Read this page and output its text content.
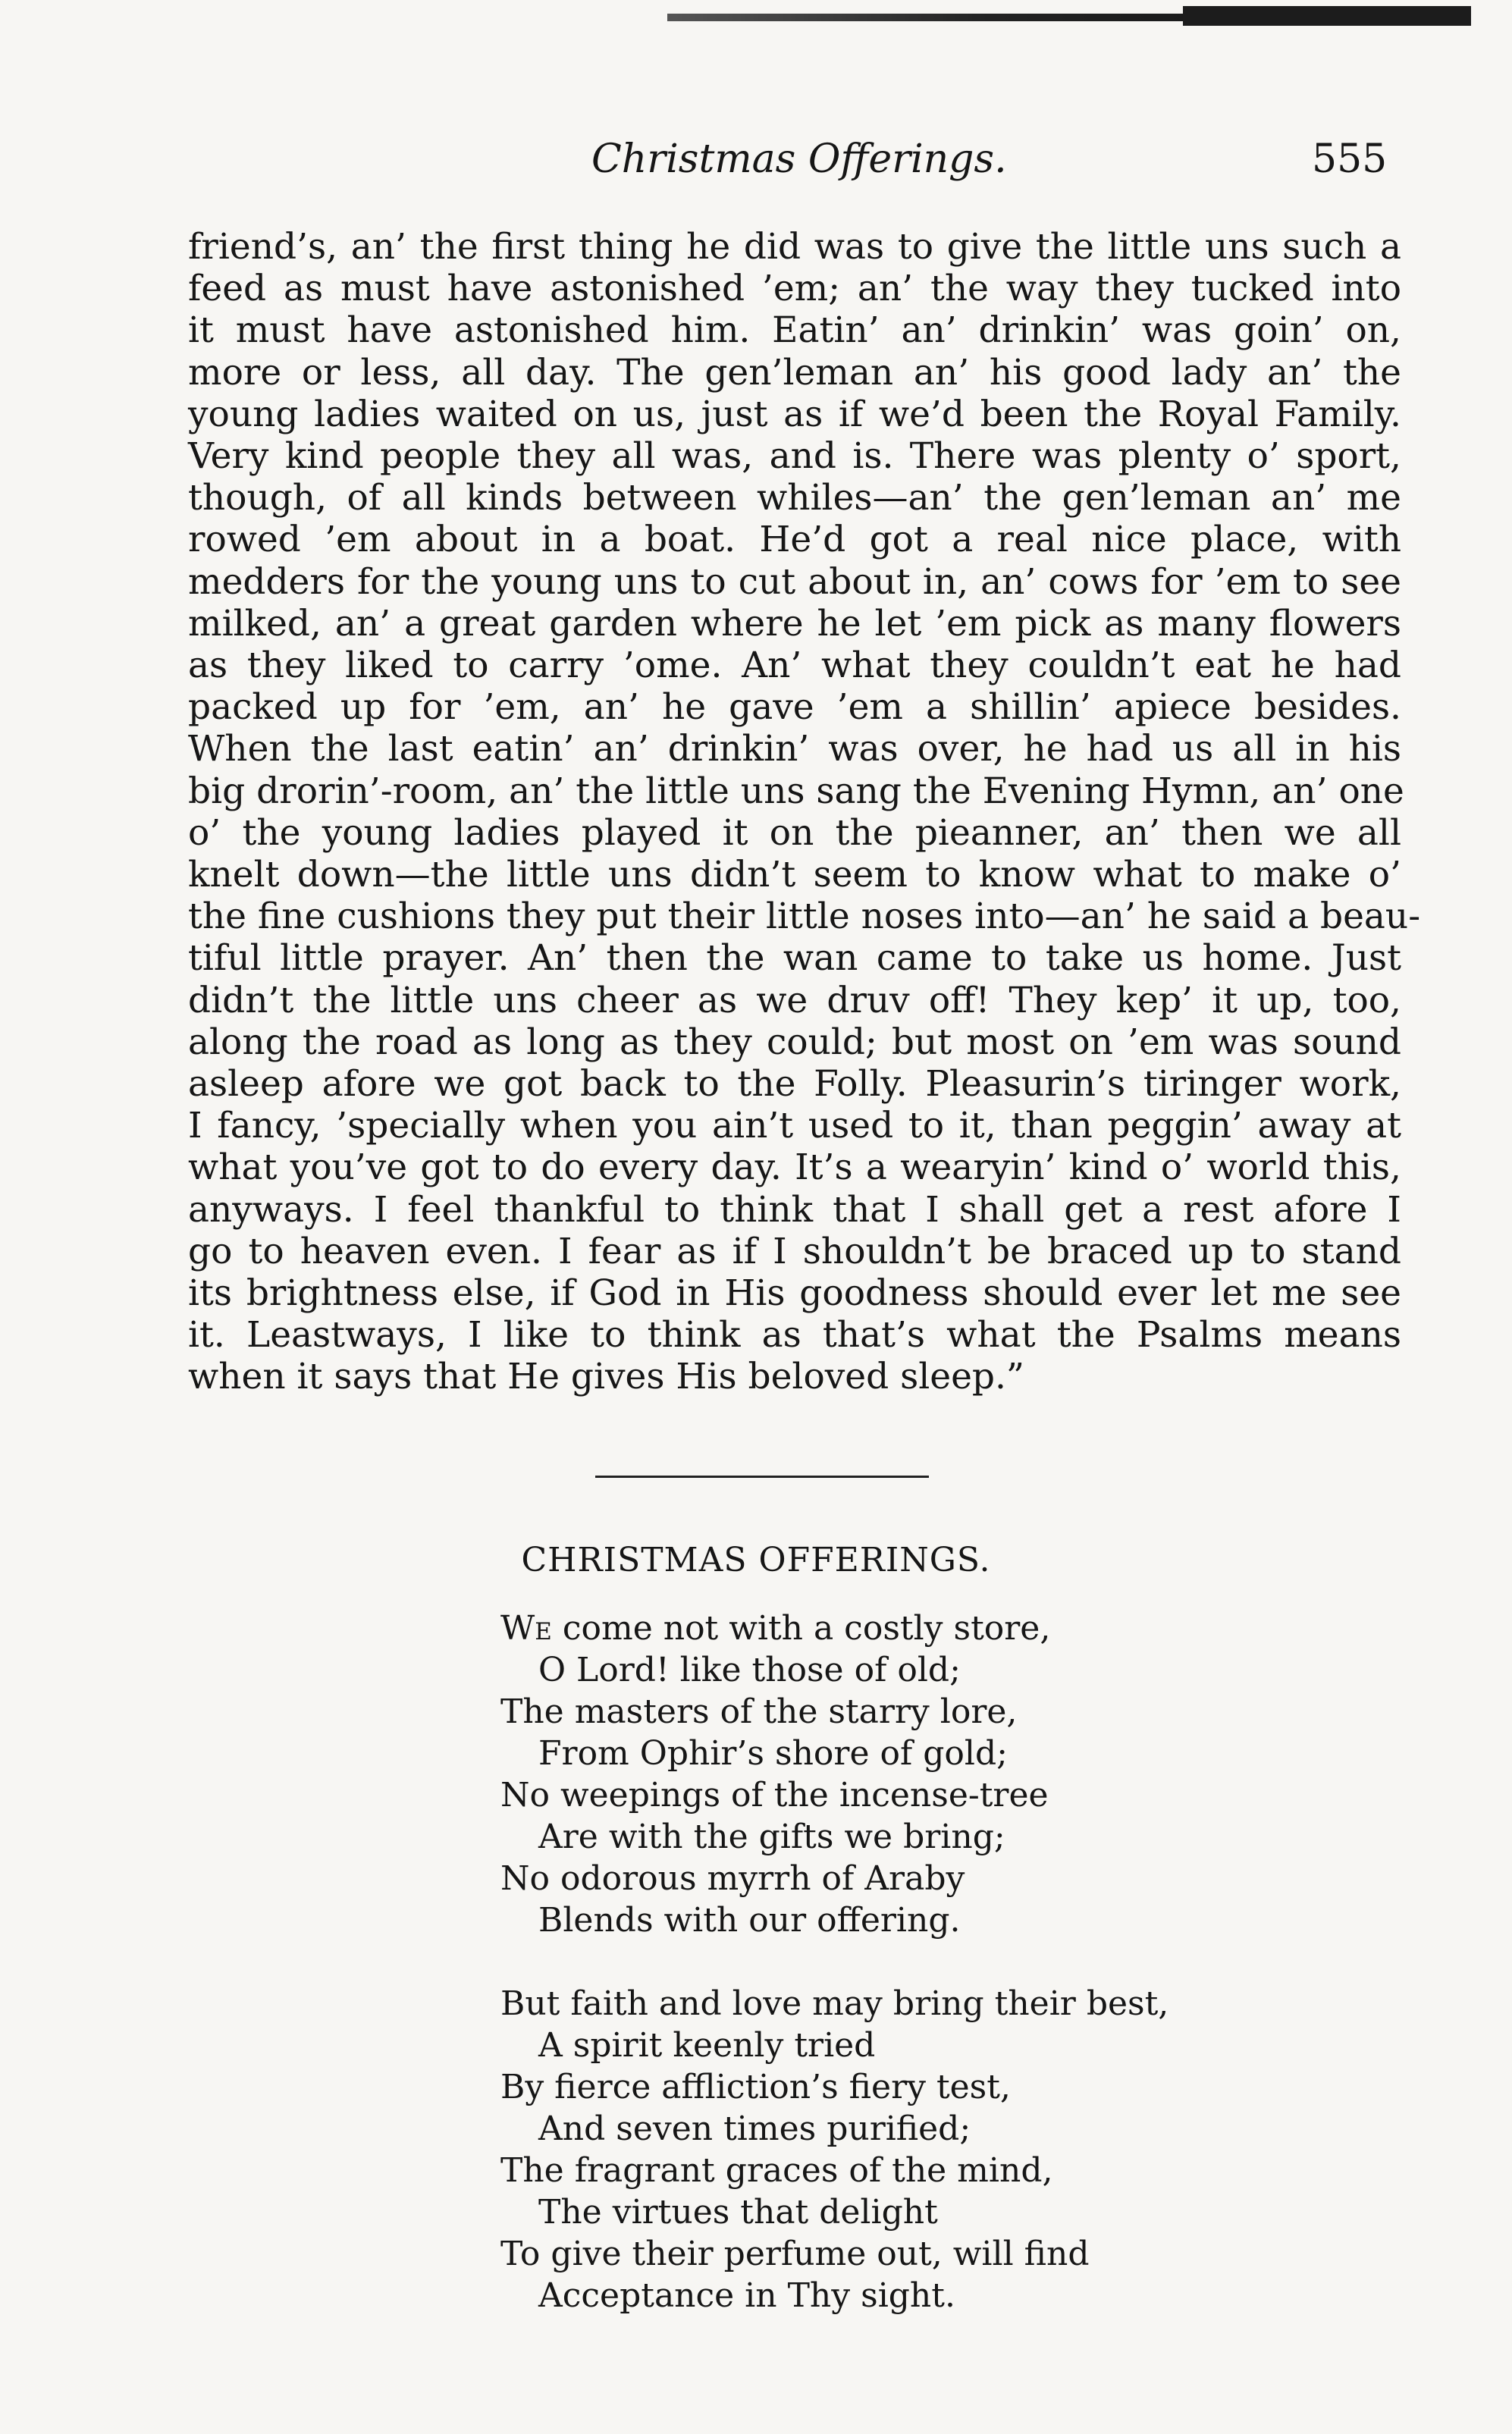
Christmas Offerings.	555
friend’s, an’ the first thing he did was to give the little uns such a
feed as must have astonished ’em; an’ the way they tucked into
it must have astonished him. Eatin’ an’ drinkin’ was goin’ on,
more or less, all day. The gen’leman an’ his good lady an’ the
young ladies waited on us, just as if we’d been the Royal Family.
Very kind people they all was, and is. There was plenty o’ sport,
though, of all kinds between whiles—an’ the gen’leman an’ me
rowed ’em about in a boat. He’d got a real nice place, with
medders for the young uns to cut about in, an’ cows for ’em to see
milked, an’ a great garden where he let ’em pick as many flowers
as they liked to carry ’ome. An’ what they couldn’t eat he had
packed up for ’em, an’ he gave ’em a shillin’ apiece besides.
When the last eatin’ an’ drinkin’ was over, he had us all in his
big drorin’-room, an’ the little uns sang the Evening Hymn, an’ one
o’ the young ladies played it on the pieanner, an’ then we all
knelt down—the little uns didn’t seem to know what to make o’
the fine cushions they put their little noses into—an’ he said a beau-
tiful little prayer. An’ then the wan came to take us home. Just
didn’t the little uns cheer as we druv off! They kep’ it up, too,
along the road as long as they could; but most on ’em was sound
asleep afore we got back to the Folly. Pleasurin’s tiringer work,
I fancy, ’specially when you ain’t used to it, than peggin’ away at
what you’ve got to do every day. It’s a wearyin’ kind o’ world this,
anyways. I feel thankful to think that I shall get a rest afore I
go to heaven even. I fear as if I shouldn’t be braced up to stand
its brightness else, if God in His goodness should ever let me see
it. Leastways, I like to think as that’s what the Psalms means
when it says that He gives His beloved sleep.”
CHRISTMAS OFFERINGS.
We come not with a costly store,
O Lord! like those of old;
The masters of the starry lore,
From Ophir’s shore of gold;
No weepings of the incense-tree
Are with the gifts we bring;
No odorous myrrh of Araby
Blends with our offering.
But faith and love may bring their best,
A spirit keenly tried
By fierce affliction’s fiery test,
And seven times purified;
The fragrant graces of the mind,
The virtues that delight
To give their perfume out, will find
Acceptance in Thy sight.
